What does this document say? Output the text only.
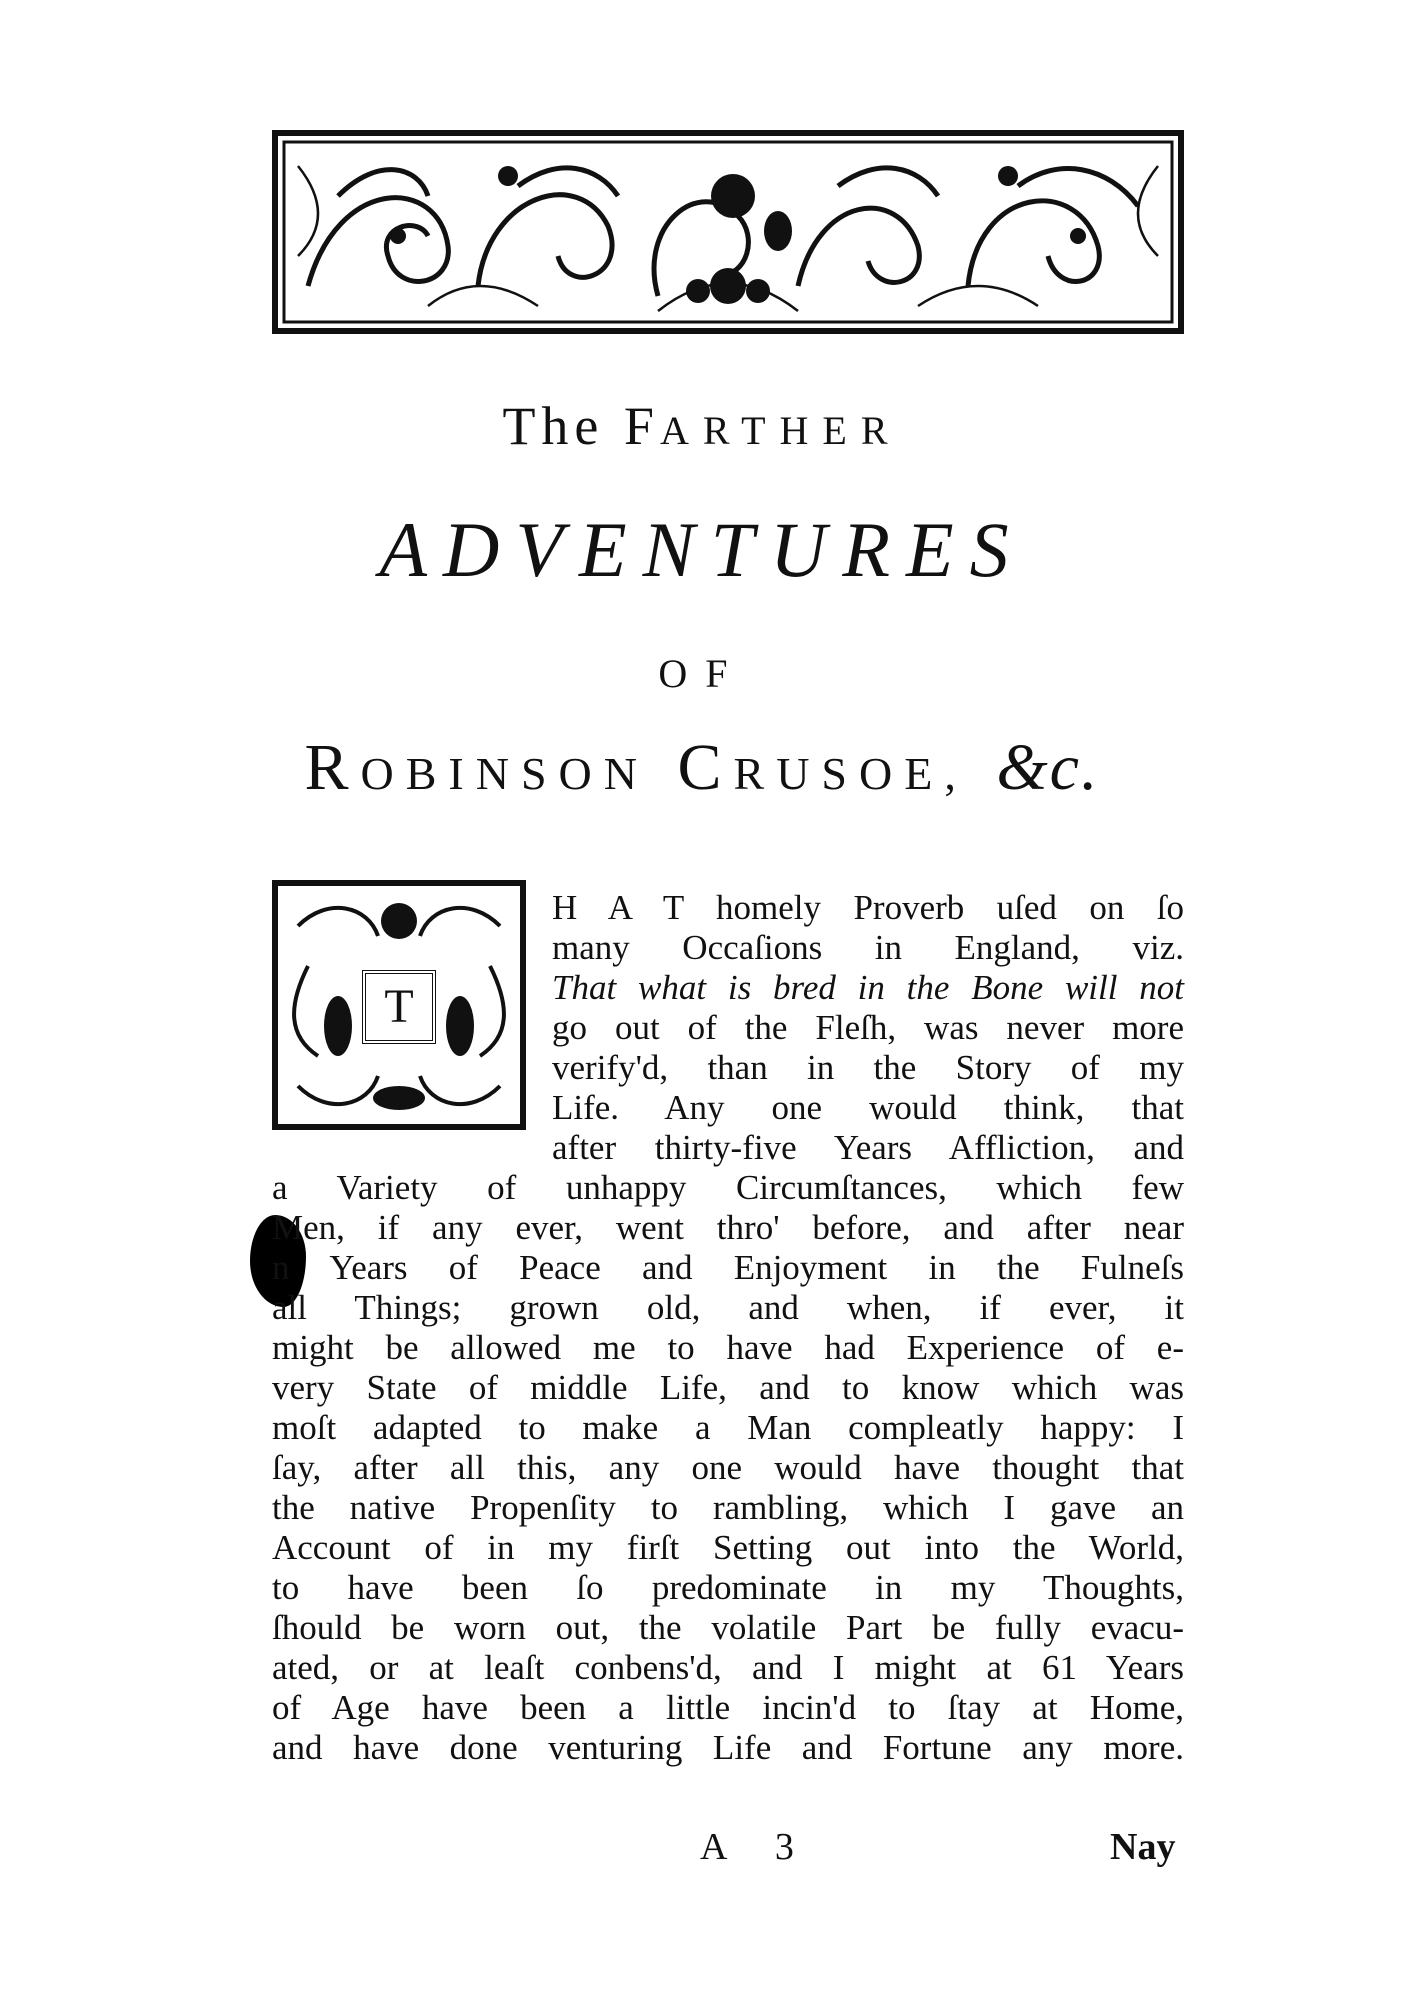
The FARTHER
ADVENTURES
OF
ROBINSON CRUSOE, &c.
T
H A T homely Proverb uſed on ſo
many Occaſions in England, viz.
That what is bred in the Bone will not
go out of the Fleſh, was never more
verify'd, than in the Story of my
Life. Any one would think, that
after thirty-five Years Affliction, and
a Variety of unhappy Circumſtances, which few
Men, if any ever, went thro' before, and after near
n Years of Peace and Enjoyment in the Fulneſs
all Things; grown old, and when, if ever, it
might be allowed me to have had Experience of e-
very State of middle Life, and to know which was
moſt adapted to make a Man compleatly happy: I
ſay, after all this, any one would have thought that
the native Propenſity to rambling, which I gave an
Account of in my firſt Setting out into the World,
to have been ſo predominate in my Thoughts,
ſhould be worn out, the volatile Part be fully evacu-
ated, or at leaſt conbens'd, and I might at 61 Years
of Age have been a little incin'd to ſtay at Home,
and have done venturing Life and Fortune any more.
A 3	Nay
